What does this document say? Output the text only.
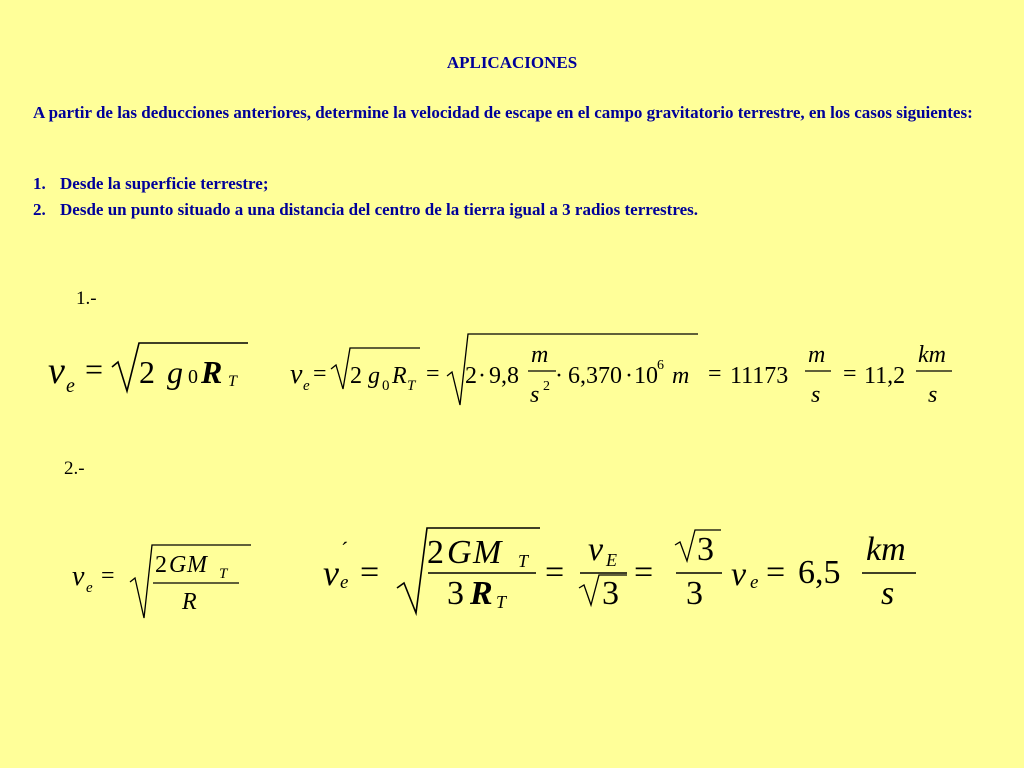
APLICACIONES
A partir de las deducciones anteriores, determine la velocidad de escape en el campo gravitatorio terrestre, en los casos siguientes:
1. Desde la superficie terrestre;
2. Desde un punto situado a una distancia del centro de la tierra igual a 3 radios terrestres.
1.-
2.-
v e = 2 g 0 R T v e = 2 g 0 R T = 2 · 9,8
m
s 2 · 6,370 · 10 6 m = 11173
m
s
= 11,2
km
s
v e = 2 G M T
R
v
´
e =
2 G M T
3 R T
=
v E
3
=
3
3
v e = 6,5
km
s
